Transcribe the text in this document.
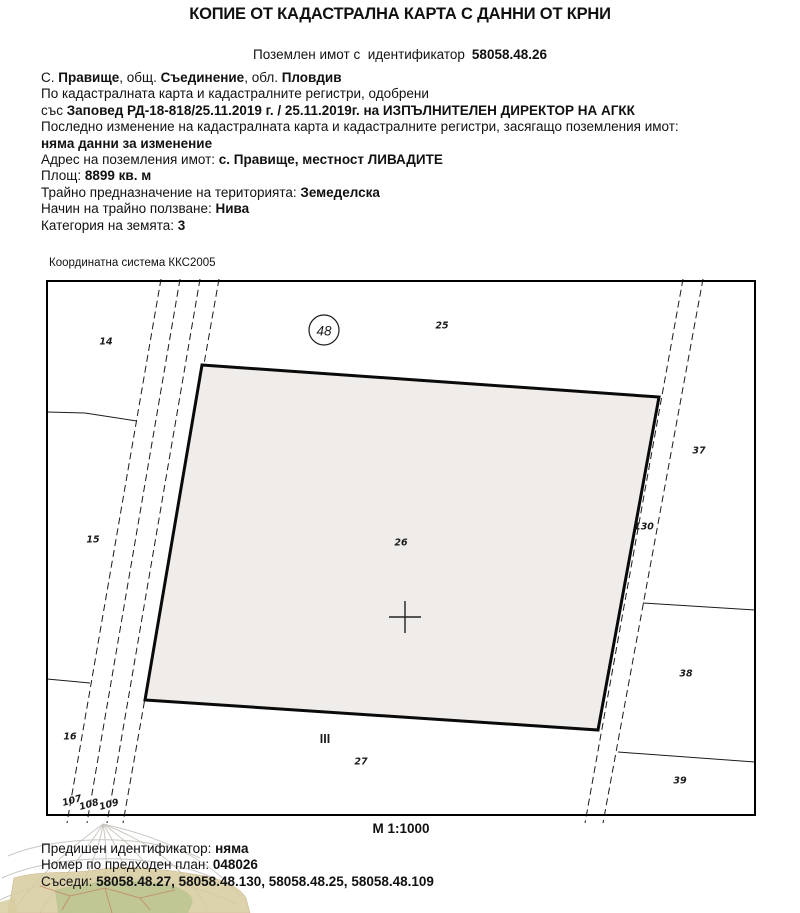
КОПИЕ ОТ КАДАСТРАЛНА КАРТА С ДАННИ ОТ КРНИ
Поземлен имот с  идентификатор 58058.48.26
С. Правище, общ. Съединение, обл. Пловдив
По кадастралната карта и кадастралните регистри, одобрени
със Заповед РД-18-818/25.11.2019 г. / 25.11.2019г. на ИЗПЪЛНИТЕЛЕН ДИРЕКТОР НА АГКК
Последно изменение на кадастралната карта и кадастралните регистри, засягащо поземления имот:
няма данни за изменение
Адрес на поземления имот: с. Правище, местност ЛИВАДИТЕ
Площ: 8899 кв. м
Трайно предназначение на територията: Земеделска
Начин на трайно ползване: Нива
Категория на земята: 3
Координатна система ККС2005
26
14
15
16
25
37
130
38
39
27
107
108
109
III
48
М 1:1000
Предишен идентификатор: няма
Номер по предходен план: 048026
Съседи: 58058.48.27, 58058.48.130, 58058.48.25, 58058.48.109
